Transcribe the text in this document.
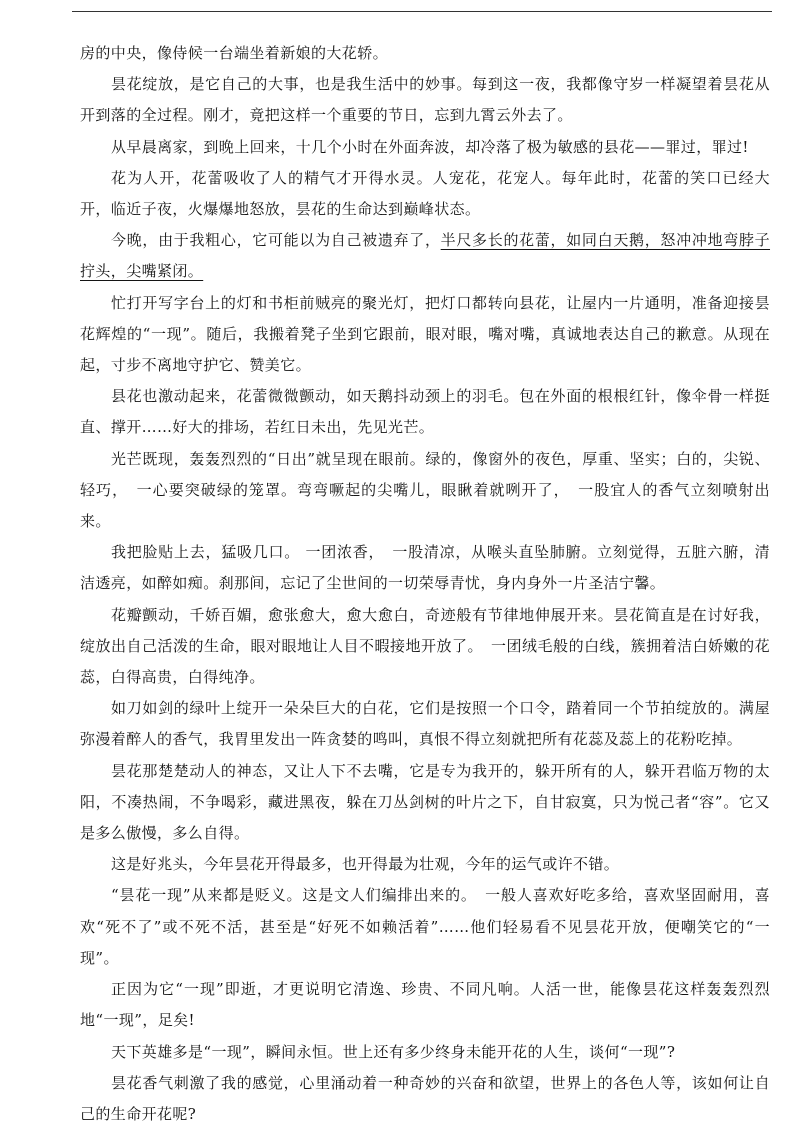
房的中央，像侍候一台端坐着新娘的大花轿。

昙花绽放，是它自己的大事，也是我生活中的妙事。每到这一夜，我都像守岁一样凝望着昙花从开到落的全过程。刚才，竟把这样一个重要的节日，忘到九霄云外去了。

从早晨离家，到晚上回来，十几个小时在外面奔波，却冷落了极为敏感的县花——罪过，罪过!

花为人开，花蕾吸收了人的精气才开得水灵。人宠花，花宠人。每年此时，花蕾的笑口已经大开，临近子夜，火爆爆地怒放，昙花的生命达到巅峰状态。

今晚，由于我粗心，它可能以为自己被遗弃了，半尺多长的花蕾，如同白天鹅，怒冲冲地弯脖子拧头，尖嘴紧闭。

忙打开写字台上的灯和书柜前贼亮的聚光灯，把灯口都转向县花，让屋内一片通明，准备迎接昙花辉煌的“一现”。随后，我搬着凳子坐到它跟前，眼对眼，嘴对嘴，真诚地表达自己的歉意。从现在起，寸步不离地守护它、赞美它。

县花也激动起来，花蕾微微颤动，如天鹅抖动颈上的羽毛。包在外面的根根红针，像伞骨一样挺直、撑开……好大的排场，若红日未出，先见光芒。

光芒既现，轰轰烈烈的“日出”就呈现在眼前。绿的，像窗外的夜色，厚重、坚实；白的，尖锐、轻巧，　一心要突破绿的笼罩。弯弯噘起的尖嘴儿，眼瞅着就咧开了，　一股宜人的香气立刻喷射出来。

我把脸贴上去，猛吸几口。 一团浓香，　一股清凉，从喉头直坠肺腑。立刻觉得，五脏六腑，清洁透亮，如醉如痴。刹那间，忘记了尘世间的一切荣辱青忧，身内身外一片圣洁宁馨。

花瓣颤动，千娇百媚，愈张愈大，愈大愈白，奇迹般有节律地伸展开来。昙花简直是在讨好我，绽放出自己活泼的生命，眼对眼地让人目不暇接地开放了。　一团绒毛般的白线，簇拥着洁白娇嫩的花蕊，白得高贵，白得纯净。

如刀如剑的绿叶上绽开一朵朵巨大的白花，它们是按照一个口令，踏着同一个节拍绽放的。满屋弥漫着醉人的香气，我胃里发出一阵贪婪的鸣叫，真恨不得立刻就把所有花蕊及蕊上的花粉吃掉。

昙花那楚楚动人的神态，又让人下不去嘴，它是专为我开的，躲开所有的人，躲开君临万物的太阳，不凑热闹，不争喝彩，藏进黑夜，躲在刀丛剑树的叶片之下，自甘寂寞，只为悦己者“容”。它又是多么傲慢，多么自得。

这是好兆头，今年昙花开得最多，也开得最为壮观，今年的运气或许不错。

“昙花一现”从来都是贬义。这是文人们编排出来的。　一般人喜欢好吃多给，喜欢坚固耐用，喜欢“死不了”或不死不活，甚至是“好死不如赖活着”……他们轻易看不见昙花开放，便嘲笑它的“一现”。

正因为它“一现”即逝，才更说明它清逸、珍贵、不同凡响。人活一世，能像昙花这样轰轰烈烈地“一现”，足矣!

天下英雄多是“一现”，瞬间永恒。世上还有多少终身未能开花的人生，谈何“一现”?

昙花香气刺激了我的感觉，心里涌动着一种奇妙的兴奋和欲望，世界上的各色人等，该如何让自己的生命开花呢?
